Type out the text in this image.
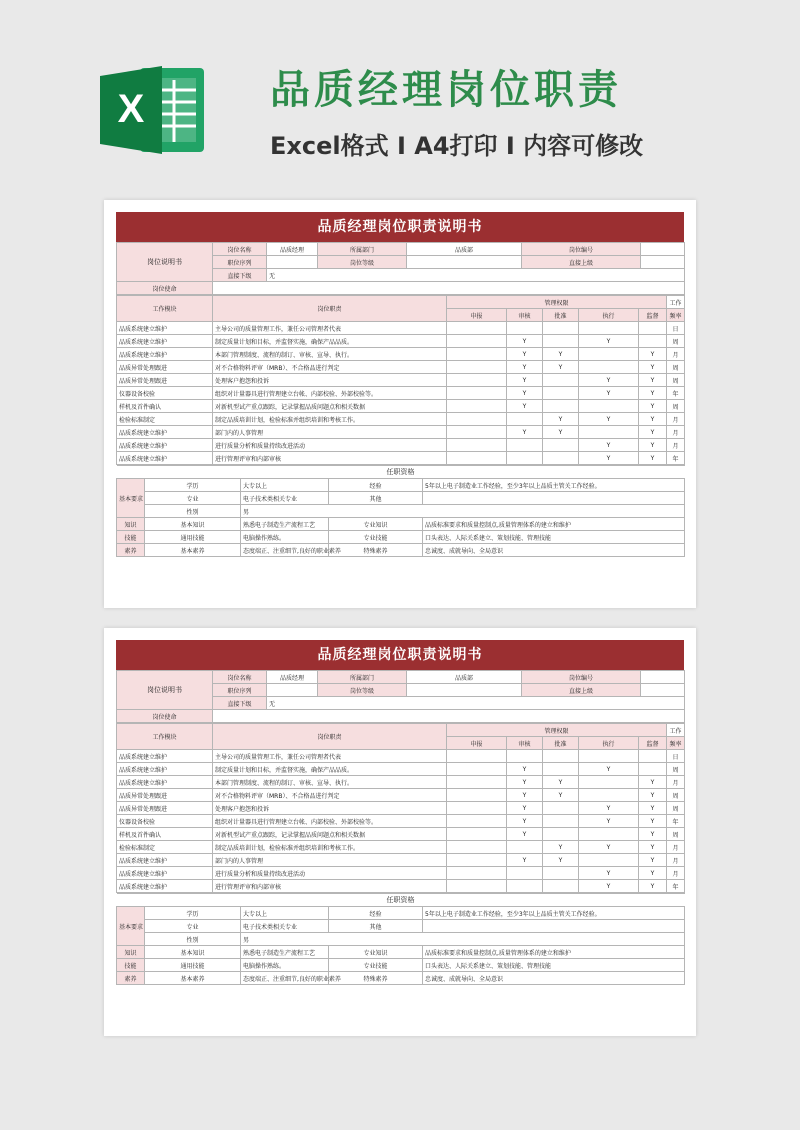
X	品质经理岗位职责

Excel格式 Ⅰ A4打印 Ⅰ 内容可修改

品质经理岗位职责说明书
岗位说明书	岗位名称	品质经理	所属部门	品质部	岗位编号	
	职位序列		岗位等级		直接上级	
	直接下级	无				
岗位使命						
工作模块	岗位职责	管理权限					工作
		申报	审核	批准	执行	监督	频率
品质系统建立维护	主导公司的质量管理工作，兼任公司管理者代表						日
品质系统建立维护	制定质量计划和目标，并监督实施，确保产品品质。		Y		Y		周
品质系统建立维护	本部门管理制度、流程的制订、审核、宣导、执行。		Y	Y		Y	月
品质异常处理跟进	对不合格物料评审（MRB）、不合格品进行判定		Y	Y		Y	周
品质异常处理跟进	处理客户抱怨和投诉		Y		Y	Y	周
仪器设备校验	组织对计量器具进行管理建立台帐、内部校验、外部校验等。		Y		Y	Y	年
样机及首件确认	对新机型试产重点跟踪，记录掌握品质问题点和相关数据		Y			Y	周
检验标准制定	制定品质培训计划，检验标准并组织培训和考核工作。			Y	Y	Y	月
品质系统建立维护	部门内的人事管理		Y	Y		Y	月
品质系统建立维护	进行质量分析和质量持续改进活动				Y	Y	月
品质系统建立维护	进行管理评审和内部审核				Y	Y	年
任职资格				
基本要求	学历	大专以上	经验	5年以上电子制造业工作经验，至少3年以上品质主管关工作经验。
	专业	电子技术类相关专业	其他	
	性别	男		
知识	基本知识	熟悉电子制造生产流程工艺	专业知识	品质标准要求和质量控制点,质量管理体系的建立和维护
技能	通用技能	电脑操作熟练。	专业技能	口头表达、人际关系建立、策划技能、管理技能
素养	基本素养	态度端正、注重细节,良好的职业素养	特殊素养	忠诚度、成就导向、全局意识
品质经理岗位职责说明书
岗位说明书	岗位名称	品质经理	所属部门	品质部	岗位编号	
	职位序列		岗位等级		直接上级	
	直接下级	无				
岗位使命						
工作模块	岗位职责	管理权限					工作
		申报	审核	批准	执行	监督	频率
品质系统建立维护	主导公司的质量管理工作，兼任公司管理者代表						日
品质系统建立维护	制定质量计划和目标，并监督实施，确保产品品质。		Y		Y		周
品质系统建立维护	本部门管理制度、流程的制订、审核、宣导、执行。		Y	Y		Y	月
品质异常处理跟进	对不合格物料评审（MRB）、不合格品进行判定		Y	Y		Y	周
品质异常处理跟进	处理客户抱怨和投诉		Y		Y	Y	周
仪器设备校验	组织对计量器具进行管理建立台帐、内部校验、外部校验等。		Y		Y	Y	年
样机及首件确认	对新机型试产重点跟踪，记录掌握品质问题点和相关数据		Y			Y	周
检验标准制定	制定品质培训计划，检验标准并组织培训和考核工作。			Y	Y	Y	月
品质系统建立维护	部门内的人事管理		Y	Y		Y	月
品质系统建立维护	进行质量分析和质量持续改进活动				Y	Y	月
品质系统建立维护	进行管理评审和内部审核				Y	Y	年
任职资格				
基本要求	学历	大专以上	经验	5年以上电子制造业工作经验，至少3年以上品质主管关工作经验。
	专业	电子技术类相关专业	其他	
	性别	男		
知识	基本知识	熟悉电子制造生产流程工艺	专业知识	品质标准要求和质量控制点,质量管理体系的建立和维护
技能	通用技能	电脑操作熟练。	专业技能	口头表达、人际关系建立、策划技能、管理技能
素养	基本素养	态度端正、注重细节,良好的职业素养	特殊素养	忠诚度、成就导向、全局意识
